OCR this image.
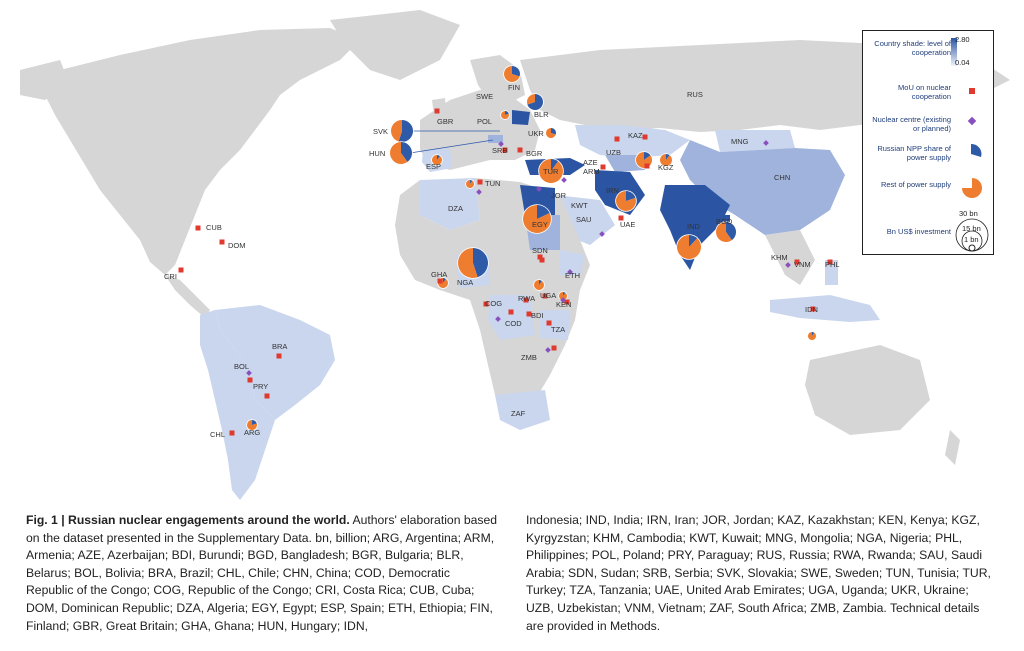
RUS
FIN
SWE
GBR
BLR
POL
SVK
HUN
UKR
SRB BGR
ESP
TUR
AZE
ARM
KAZ
UZB
KGZ
MNG
CHN
IRN
IND
BGD
TUN
DZA
JOR
KWT
SAU
UAE
EGY
SDN
ETH
KEN
UGA
RWA
BDI
TZA
ZMB
ZAF
COG
COD
NGA
GHA
CUB
DOM
CRI
BRA
BOL
PRY
ARG
CHL
KHM
VNM PHL
IDN
Country shade: level of cooperation
2.80
0.04
MoU on nuclear cooperation
Nuclear centre (existing or planned)
Russian NPP share of power supply
Rest of power supply
30 bn
Bn US$ investment 15 bn
1 bn
Fig. 1 | Russian nuclear engagements around the world. Authors' elaboration based on the dataset presented in the Supplementary Data. bn, billion; ARG, Argentina; ARM, Armenia; AZE, Azerbaijan; BDI, Burundi; BGD, Bangladesh; BGR, Bulgaria; BLR, Belarus; BOL, Bolivia; BRA, Brazil; CHL, Chile; CHN, China; COD, Democratic Republic of the Congo; COG, Republic of the Congo; CRI, Costa Rica; CUB, Cuba; DOM, Dominican Republic; DZA, Algeria; EGY, Egypt; ESP, Spain; ETH, Ethiopia; FIN, Finland; GBR, Great Britain; GHA, Ghana; HUN, Hungary; IDN,
Indonesia; IND, India; IRN, Iran; JOR, Jordan; KAZ, Kazakhstan; KEN, Kenya; KGZ, Kyrgyzstan; KHM, Cambodia; KWT, Kuwait; MNG, Mongolia; NGA, Nigeria; PHL, Philippines; POL, Poland; PRY, Paraguay; RUS, Russia; RWA, Rwanda; SAU, Saudi Arabia; SDN, Sudan; SRB, Serbia; SVK, Slovakia; SWE, Sweden; TUN, Tunisia; TUR, Turkey; TZA, Tanzania; UAE, United Arab Emirates; UGA, Uganda; UKR, Ukraine; UZB, Uzbekistan; VNM, Vietnam; ZAF, South Africa; ZMB, Zambia. Technical details are provided in Methods.
